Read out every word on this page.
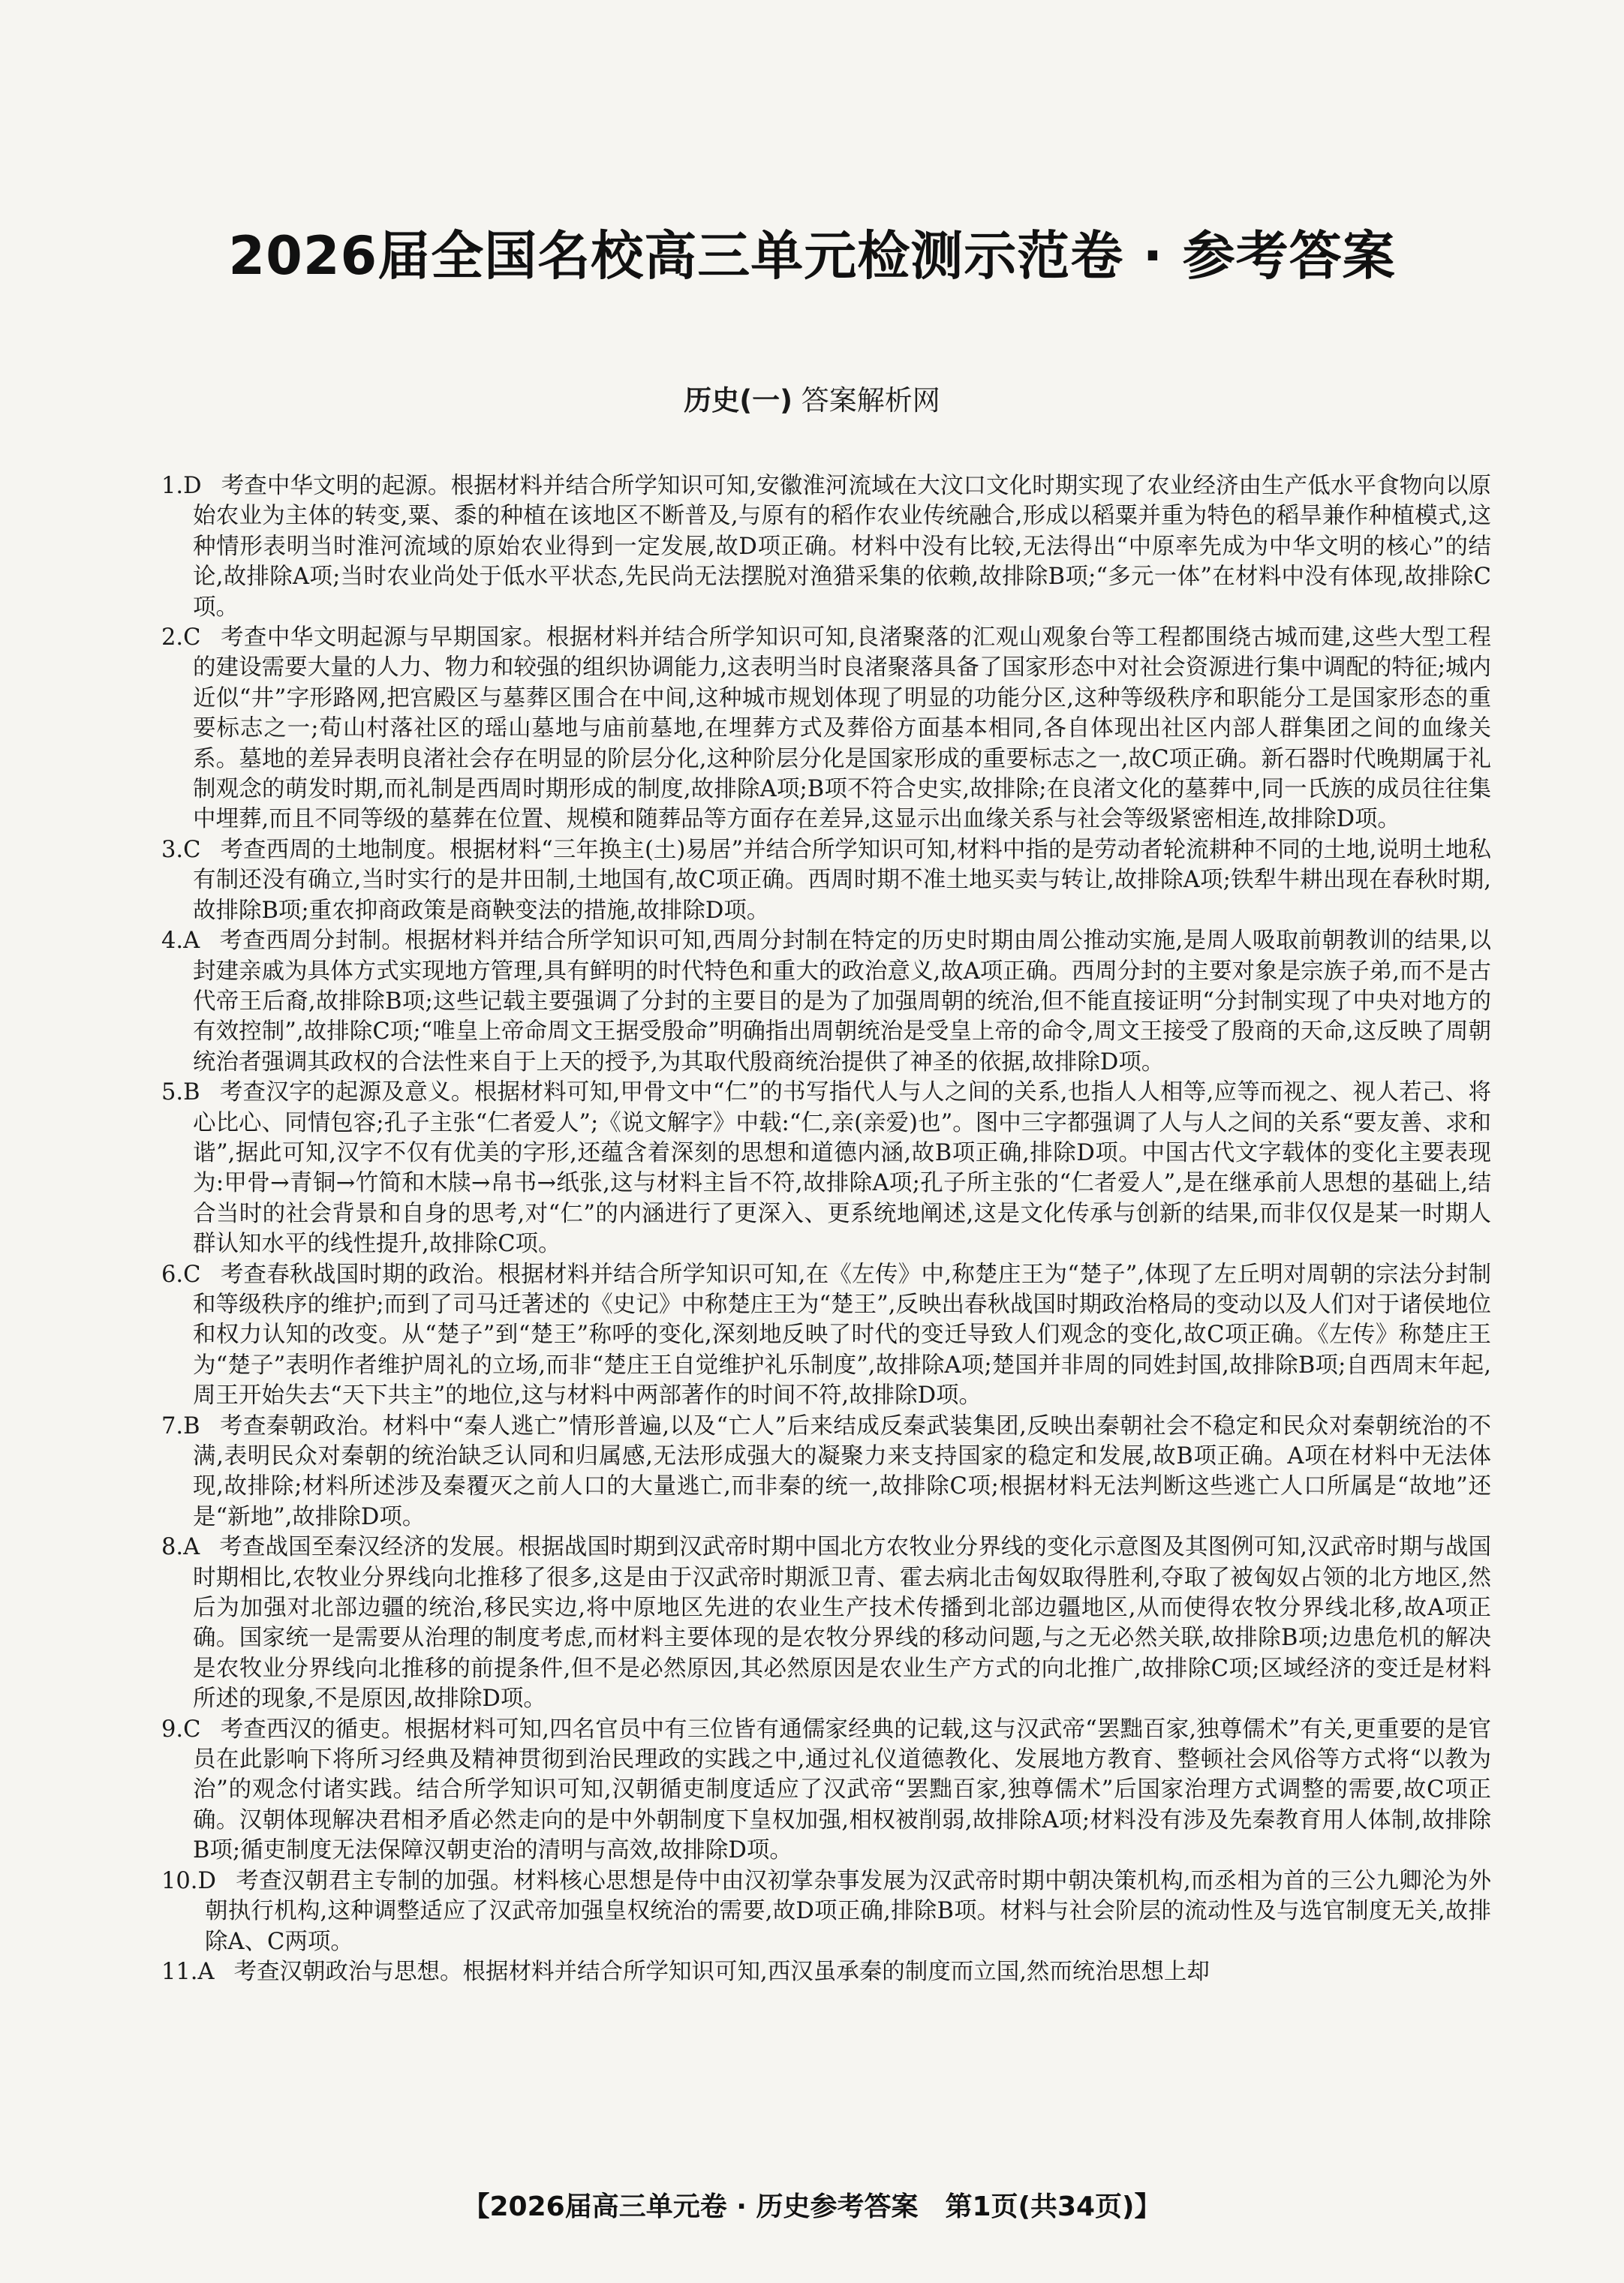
2026届全国名校高三单元检测示范卷 · 参考答案
历史(一) 答案解析网

1.D 考查中华文明的起源。根据材料并结合所学知识可知,安徽淮河流域在大汶口文化时期实现了农业经济由生产低水平食物向以原始农业为主体的转变,粟、黍的种植在该地区不断普及,与原有的稻作农业传统融合,形成以稻粟并重为特色的稻旱兼作种植模式,这种情形表明当时淮河流域的原始农业得到一定发展,故D项正确。材料中没有比较,无法得出“中原率先成为中华文明的核心”的结论,故排除A项;当时农业尚处于低水平状态,先民尚无法摆脱对渔猎采集的依赖,故排除B项;“多元一体”在材料中没有体现,故排除C项。

2.C 考查中华文明起源与早期国家。根据材料并结合所学知识可知,良渚聚落的汇观山观象台等工程都围绕古城而建,这些大型工程的建设需要大量的人力、物力和较强的组织协调能力,这表明当时良渚聚落具备了国家形态中对社会资源进行集中调配的特征;城内近似“井”字形路网,把宫殿区与墓葬区围合在中间,这种城市规划体现了明显的功能分区,这种等级秩序和职能分工是国家形态的重要标志之一;荀山村落社区的瑶山墓地与庙前墓地,在埋葬方式及葬俗方面基本相同,各自体现出社区内部人群集团之间的血缘关系。墓地的差异表明良渚社会存在明显的阶层分化,这种阶层分化是国家形成的重要标志之一,故C项正确。新石器时代晚期属于礼制观念的萌发时期,而礼制是西周时期形成的制度,故排除A项;B项不符合史实,故排除;在良渚文化的墓葬中,同一氏族的成员往往集中埋葬,而且不同等级的墓葬在位置、规模和随葬品等方面存在差异,这显示出血缘关系与社会等级紧密相连,故排除D项。

3.C 考查西周的土地制度。根据材料“三年换主(土)易居”并结合所学知识可知,材料中指的是劳动者轮流耕种不同的土地,说明土地私有制还没有确立,当时实行的是井田制,土地国有,故C项正确。西周时期不准土地买卖与转让,故排除A项;铁犁牛耕出现在春秋时期,故排除B项;重农抑商政策是商鞅变法的措施,故排除D项。

4.A 考查西周分封制。根据材料并结合所学知识可知,西周分封制在特定的历史时期由周公推动实施,是周人吸取前朝教训的结果,以封建亲戚为具体方式实现地方管理,具有鲜明的时代特色和重大的政治意义,故A项正确。西周分封的主要对象是宗族子弟,而不是古代帝王后裔,故排除B项;这些记载主要强调了分封的主要目的是为了加强周朝的统治,但不能直接证明“分封制实现了中央对地方的有效控制”,故排除C项;“唯皇上帝命周文王据受殷命”明确指出周朝统治是受皇上帝的命令,周文王接受了殷商的天命,这反映了周朝统治者强调其政权的合法性来自于上天的授予,为其取代殷商统治提供了神圣的依据,故排除D项。

5.B 考查汉字的起源及意义。根据材料可知,甲骨文中“仁”的书写指代人与人之间的关系,也指人人相等,应等而视之、视人若己、将心比心、同情包容;孔子主张“仁者爱人”;《说文解字》中载:“仁,亲(亲爱)也”。图中三字都强调了人与人之间的关系“要友善、求和谐”,据此可知,汉字不仅有优美的字形,还蕴含着深刻的思想和道德内涵,故B项正确,排除D项。中国古代文字载体的变化主要表现为:甲骨→青铜→竹简和木牍→帛书→纸张,这与材料主旨不符,故排除A项;孔子所主张的“仁者爱人”,是在继承前人思想的基础上,结合当时的社会背景和自身的思考,对“仁”的内涵进行了更深入、更系统地阐述,这是文化传承与创新的结果,而非仅仅是某一时期人群认知水平的线性提升,故排除C项。

6.C 考查春秋战国时期的政治。根据材料并结合所学知识可知,在《左传》中,称楚庄王为“楚子”,体现了左丘明对周朝的宗法分封制和等级秩序的维护;而到了司马迁著述的《史记》中称楚庄王为“楚王”,反映出春秋战国时期政治格局的变动以及人们对于诸侯地位和权力认知的改变。从“楚子”到“楚王”称呼的变化,深刻地反映了时代的变迁导致人们观念的变化,故C项正确。《左传》称楚庄王为“楚子”表明作者维护周礼的立场,而非“楚庄王自觉维护礼乐制度”,故排除A项;楚国并非周的同姓封国,故排除B项;自西周末年起,周王开始失去“天下共主”的地位,这与材料中两部著作的时间不符,故排除D项。

7.B 考查秦朝政治。材料中“秦人逃亡”情形普遍,以及“亡人”后来结成反秦武装集团,反映出秦朝社会不稳定和民众对秦朝统治的不满,表明民众对秦朝的统治缺乏认同和归属感,无法形成强大的凝聚力来支持国家的稳定和发展,故B项正确。A项在材料中无法体现,故排除;材料所述涉及秦覆灭之前人口的大量逃亡,而非秦的统一,故排除C项;根据材料无法判断这些逃亡人口所属是“故地”还是“新地”,故排除D项。

8.A 考查战国至秦汉经济的发展。根据战国时期到汉武帝时期中国北方农牧业分界线的变化示意图及其图例可知,汉武帝时期与战国时期相比,农牧业分界线向北推移了很多,这是由于汉武帝时期派卫青、霍去病北击匈奴取得胜利,夺取了被匈奴占领的北方地区,然后为加强对北部边疆的统治,移民实边,将中原地区先进的农业生产技术传播到北部边疆地区,从而使得农牧分界线北移,故A项正确。国家统一是需要从治理的制度考虑,而材料主要体现的是农牧分界线的移动问题,与之无必然关联,故排除B项;边患危机的解决是农牧业分界线向北推移的前提条件,但不是必然原因,其必然原因是农业生产方式的向北推广,故排除C项;区域经济的变迁是材料所述的现象,不是原因,故排除D项。

9.C 考查西汉的循吏。根据材料可知,四名官员中有三位皆有通儒家经典的记载,这与汉武帝“罢黜百家,独尊儒术”有关,更重要的是官员在此影响下将所习经典及精神贯彻到治民理政的实践之中,通过礼仪道德教化、发展地方教育、整顿社会风俗等方式将“以教为治”的观念付诸实践。结合所学知识可知,汉朝循吏制度适应了汉武帝“罢黜百家,独尊儒术”后国家治理方式调整的需要,故C项正确。汉朝体现解决君相矛盾必然走向的是中外朝制度下皇权加强,相权被削弱,故排除A项;材料没有涉及先秦教育用人体制,故排除B项;循吏制度无法保障汉朝吏治的清明与高效,故排除D项。

10.D 考查汉朝君主专制的加强。材料核心思想是侍中由汉初掌杂事发展为汉武帝时期中朝决策机构,而丞相为首的三公九卿沦为外朝执行机构,这种调整适应了汉武帝加强皇权统治的需要,故D项正确,排除B项。材料与社会阶层的流动性及与选官制度无关,故排除A、C两项。

11.A 考查汉朝政治与思想。根据材料并结合所学知识可知,西汉虽承秦的制度而立国,然而统治思想上却

【2026届高三单元卷 · 历史参考答案　第1页(共34页)】
